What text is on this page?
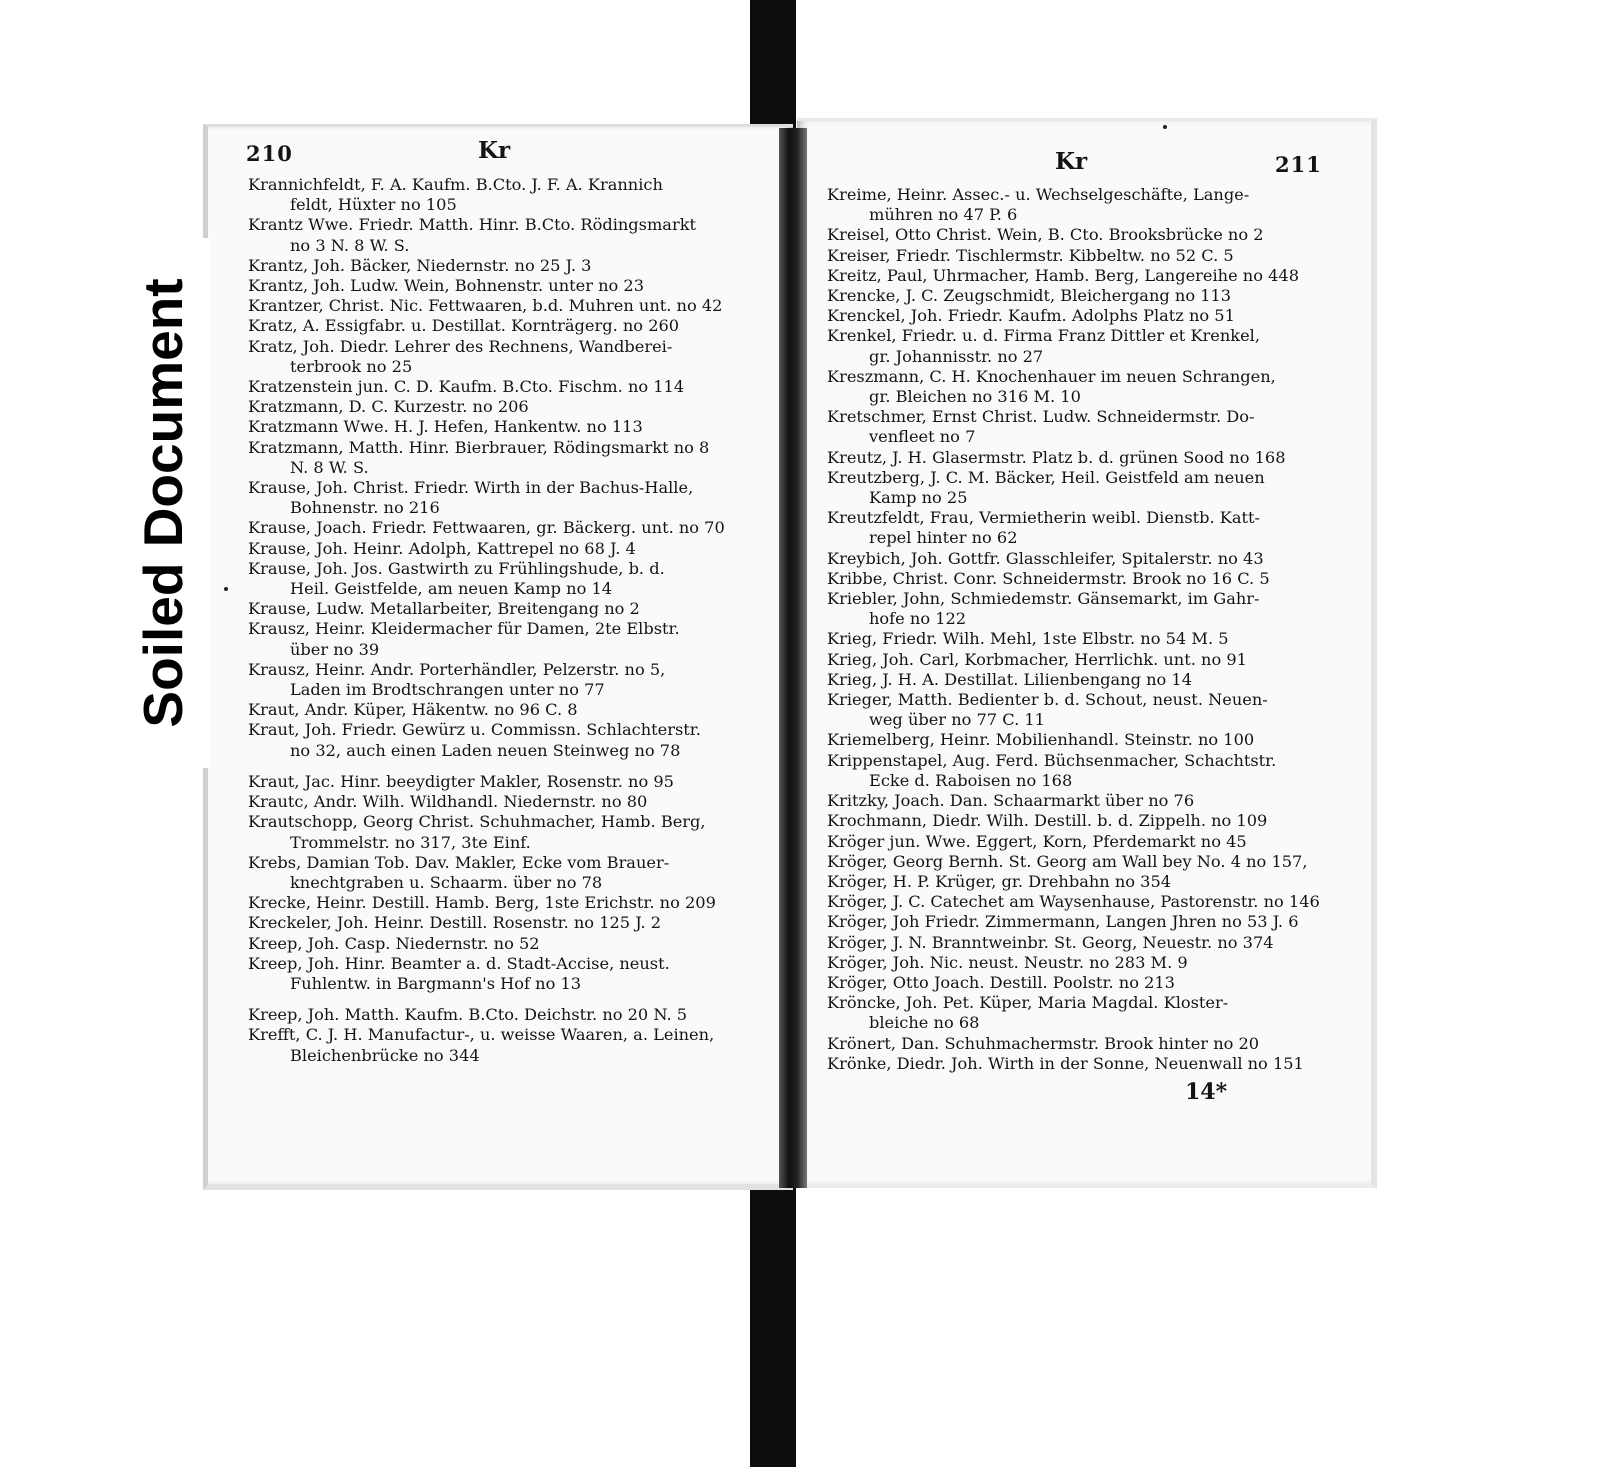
210	Kr
Krannichfeldt, F. A. Kaufm. B.Cto. J. F. A. Krannich
feldt, Hüxter no 105
Krantz Wwe. Friedr. Matth. Hinr. B.Cto. Rödingsmarkt
no 3 N. 8 W. S.
Krantz, Joh. Bäcker, Niedernstr. no 25 J. 3
Krantz, Joh. Ludw. Wein, Bohnenstr. unter no 23
Krantzer, Christ. Nic. Fettwaaren, b.d. Muhren unt. no 42
Kratz, A. Essigfabr. u. Destillat. Kornträgerg. no 260
Kratz, Joh. Diedr. Lehrer des Rechnens, Wandberei-
terbrook no 25
Kratzenstein jun. C. D. Kaufm. B.Cto. Fischm. no 114
Kratzmann, D. C. Kurzestr. no 206
Kratzmann Wwe. H. J. Hefen, Hankentw. no 113
Kratzmann, Matth. Hinr. Bierbrauer, Rödingsmarkt no 8
N. 8 W. S.
Krause, Joh. Christ. Friedr. Wirth in der Bachus-Halle,
Bohnenstr. no 216
Krause, Joach. Friedr. Fettwaaren, gr. Bäckerg. unt. no 70
Krause, Joh. Heinr. Adolph, Kattrepel no 68 J. 4
Krause, Joh. Jos. Gastwirth zu Frühlingshude, b. d.
Heil. Geistfelde, am neuen Kamp no 14
Krause, Ludw. Metallarbeiter, Breitengang no 2
Krausz, Heinr. Kleidermacher für Damen, 2te Elbstr.
über no 39
Krausz, Heinr. Andr. Porterhändler, Pelzerstr. no 5,
Laden im Brodtschrangen unter no 77
Kraut, Andr. Küper, Häkentw. no 96 C. 8
Kraut, Joh. Friedr. Gewürz u. Commissn. Schlachterstr.
no 32, auch einen Laden neuen Steinweg no 78
Kraut, Jac. Hinr. beeydigter Makler, Rosenstr. no 95
Krautc, Andr. Wilh. Wildhandl. Niedernstr. no 80
Krautschopp, Georg Christ. Schuhmacher, Hamb. Berg,
Trommelstr. no 317, 3te Einf.
Krebs, Damian Tob. Dav. Makler, Ecke vom Brauer-
knechtgraben u. Schaarm. über no 78
Krecke, Heinr. Destill. Hamb. Berg, 1ste Erichstr. no 209
Kreckeler, Joh. Heinr. Destill. Rosenstr. no 125 J. 2
Kreep, Joh. Casp. Niedernstr. no 52
Kreep, Joh. Hinr. Beamter a. d. Stadt-Accise, neust.
Fuhlentw. in Bargmann's Hof no 13
Kreep, Joh. Matth. Kaufm. B.Cto. Deichstr. no 20 N. 5
Krefft, C. J. H. Manufactur-, u. weisse Waaren, a. Leinen,
Bleichenbrücke no 344
Kr	211
Kreime, Heinr. Assec.- u. Wechselgeschäfte, Lange-
mühren no 47 P. 6
Kreisel, Otto Christ. Wein, B. Cto. Brooksbrücke no 2
Kreiser, Friedr. Tischlermstr. Kibbeltw. no 52 C. 5
Kreitz, Paul, Uhrmacher, Hamb. Berg, Langereihe no 448
Krencke, J. C. Zeugschmidt, Bleichergang no 113
Krenckel, Joh. Friedr. Kaufm. Adolphs Platz no 51
Krenkel, Friedr. u. d. Firma Franz Dittler et Krenkel,
gr. Johannisstr. no 27
Kreszmann, C. H. Knochenhauer im neuen Schrangen,
gr. Bleichen no 316 M. 10
Kretschmer, Ernst Christ. Ludw. Schneidermstr. Do-
venfleet no 7
Kreutz, J. H. Glasermstr. Platz b. d. grünen Sood no 168
Kreutzberg, J. C. M. Bäcker, Heil. Geistfeld am neuen
Kamp no 25
Kreutzfeldt, Frau, Vermietherin weibl. Dienstb. Katt-
repel hinter no 62
Kreybich, Joh. Gottfr. Glasschleifer, Spitalerstr. no 43
Kribbe, Christ. Conr. Schneidermstr. Brook no 16 C. 5
Kriebler, John, Schmiedemstr. Gänsemarkt, im Gahr-
hofe no 122
Krieg, Friedr. Wilh. Mehl, 1ste Elbstr. no 54 M. 5
Krieg, Joh. Carl, Korbmacher, Herrlichk. unt. no 91
Krieg, J. H. A. Destillat. Lilienbengang no 14
Krieger, Matth. Bedienter b. d. Schout, neust. Neuen-
weg über no 77 C. 11
Kriemelberg, Heinr. Mobilienhandl. Steinstr. no 100
Krippenstapel, Aug. Ferd. Büchsenmacher, Schachtstr.
Ecke d. Raboisen no 168
Kritzky, Joach. Dan. Schaarmarkt über no 76
Krochmann, Diedr. Wilh. Destill. b. d. Zippelh. no 109
Kröger jun. Wwe. Eggert, Korn, Pferdemarkt no 45
Kröger, Georg Bernh. St. Georg am Wall bey No. 4 no 157,
Kröger, H. P. Krüger, gr. Drehbahn no 354
Kröger, J. C. Catechet am Waysenhause, Pastorenstr. no 146
Kröger, Joh Friedr. Zimmermann, Langen Jhren no 53 J. 6
Kröger, J. N. Branntweinbr. St. Georg, Neuestr. no 374
Kröger, Joh. Nic. neust. Neustr. no 283 M. 9
Kröger, Otto Joach. Destill. Poolstr. no 213
Kröncke, Joh. Pet. Küper, Maria Magdal. Kloster-
bleiche no 68
Krönert, Dan. Schuhmachermstr. Brook hinter no 20
Krönke, Diedr. Joh. Wirth in der Sonne, Neuenwall no 151
14*
Soiled Document
